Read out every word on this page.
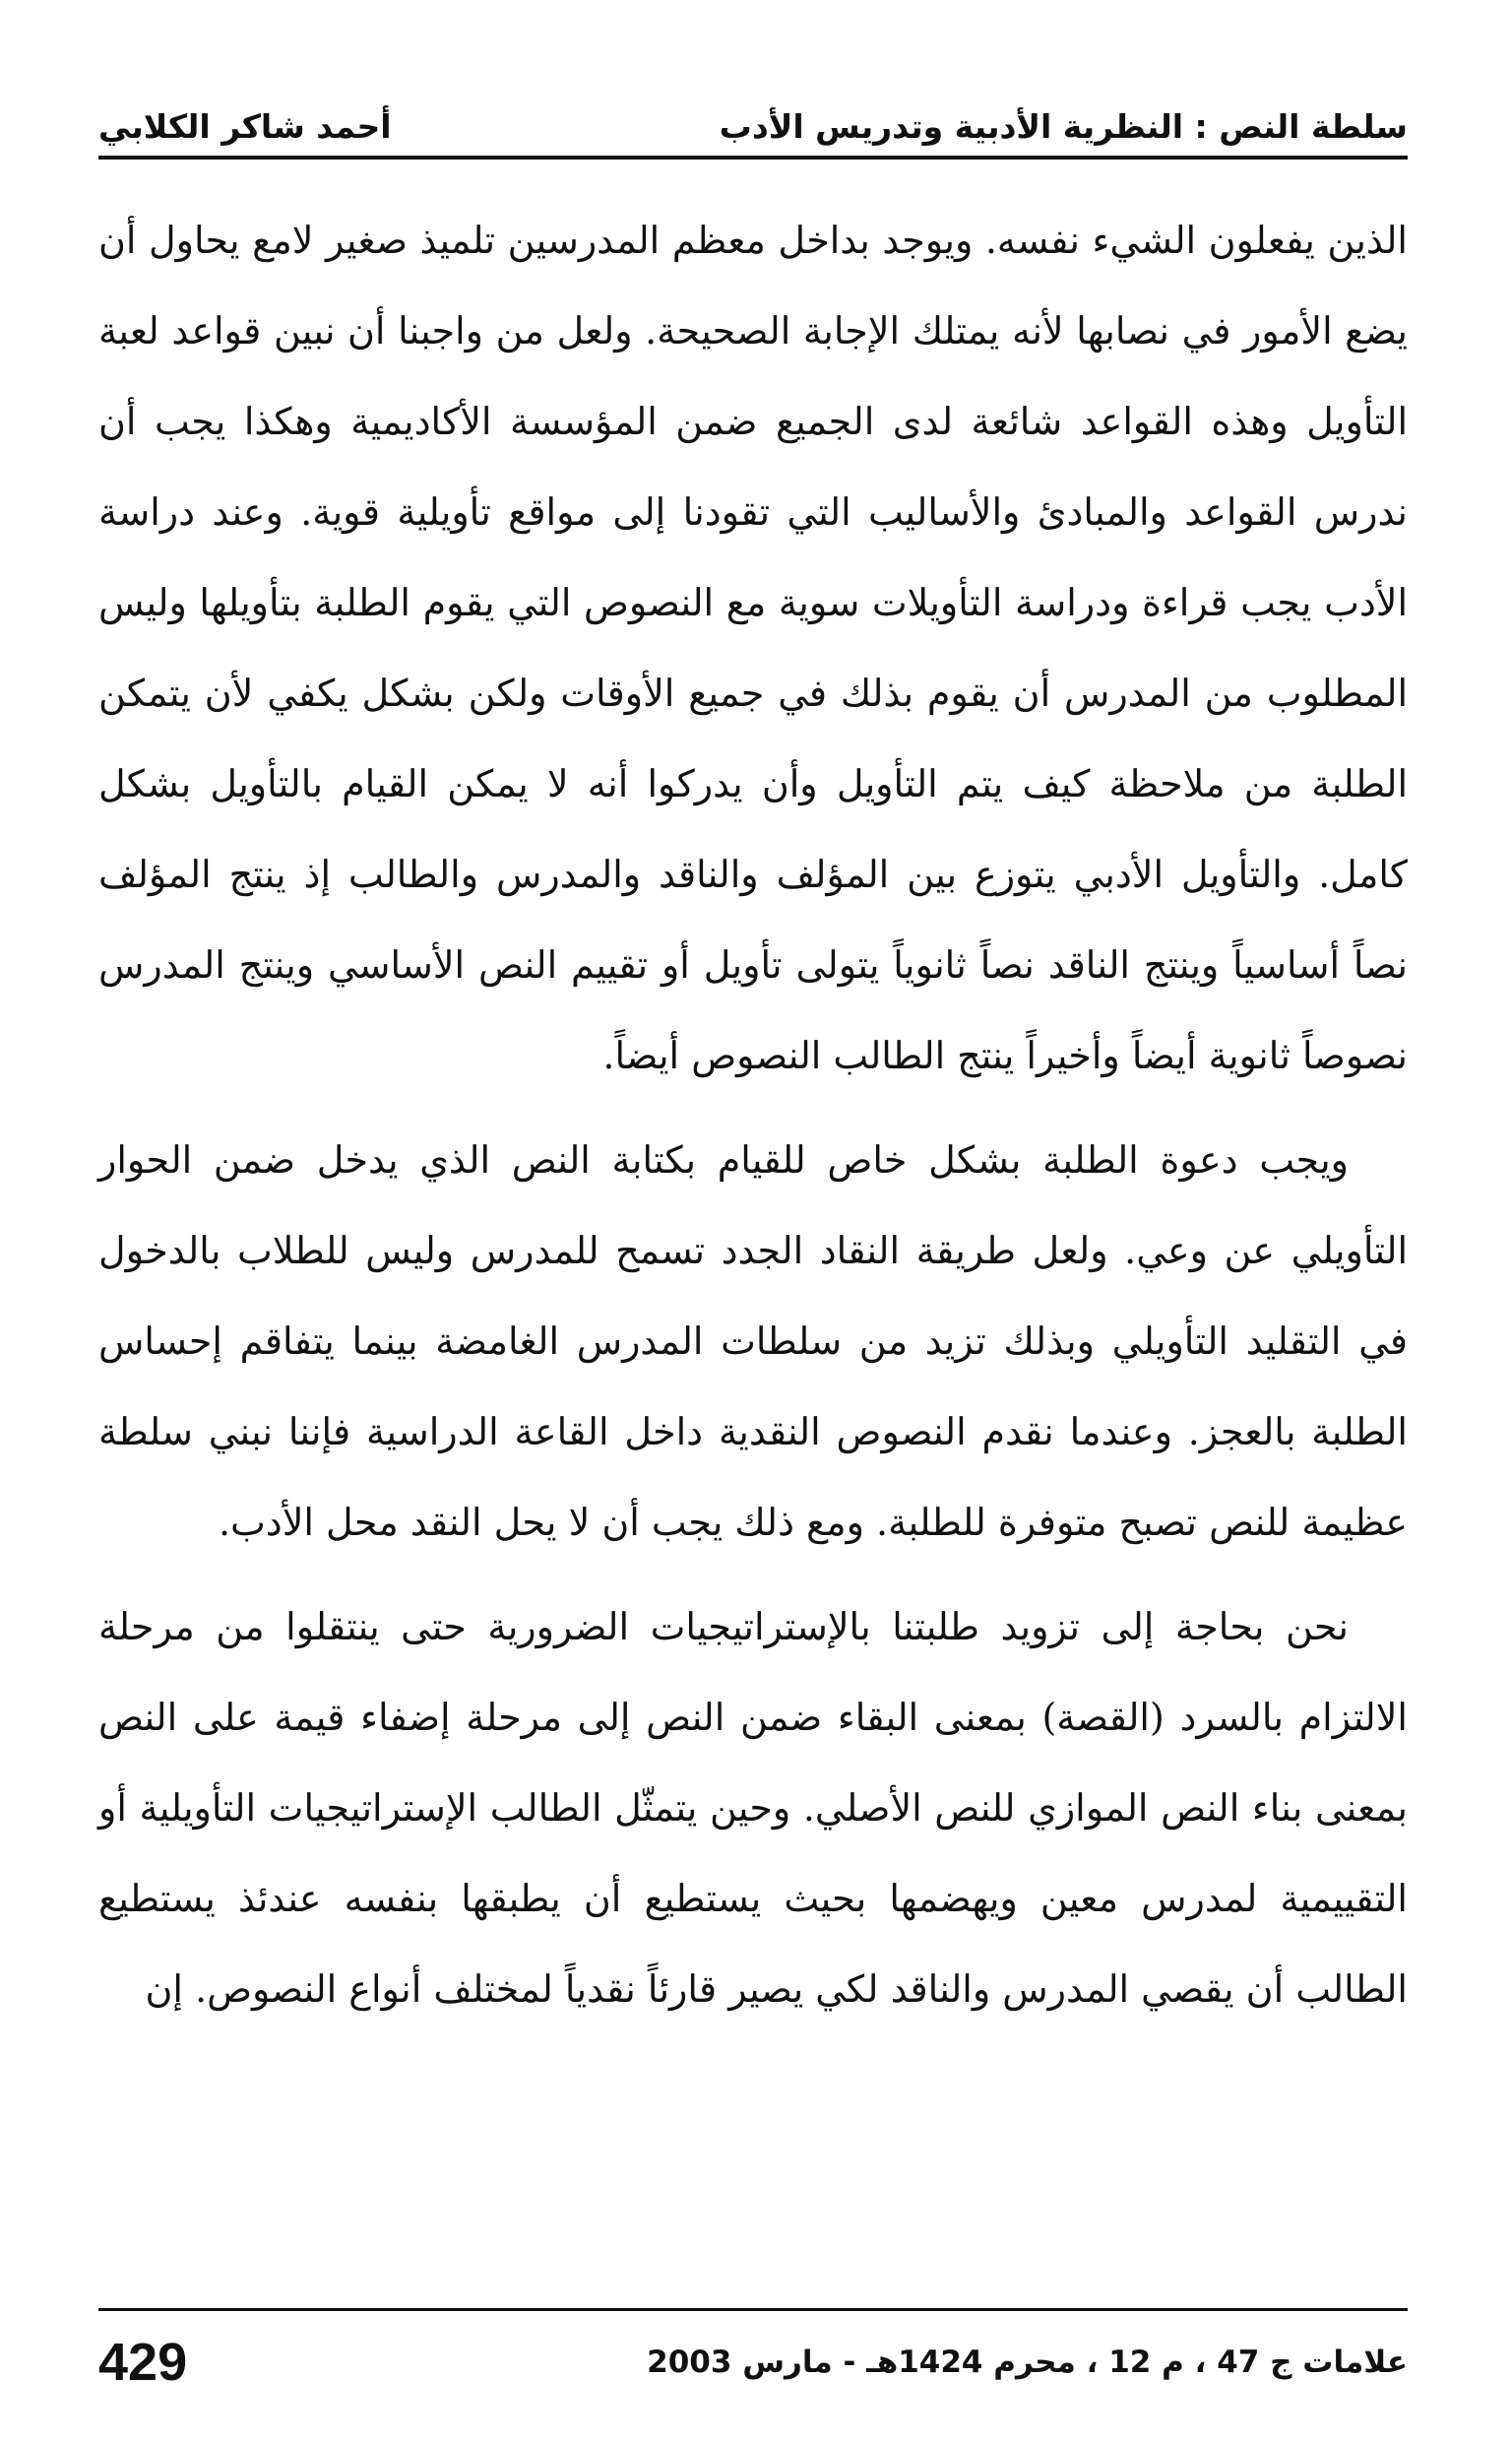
سلطة النص : النظرية الأدبية وتدريس الأدب
أحمد شاكر الكلابي

الذين يفعلون الشيء نفسه. ويوجد بداخل معظم المدرسين تلميذ صغير لامع يحاول أن يضع الأمور في نصابها لأنه يمتلك الإجابة الصحيحة. ولعل من واجبنا أن نبين قواعد لعبة التأويل وهذه القواعد شائعة لدى الجميع ضمن المؤسسة الأكاديمية وهكذا يجب أن ندرس القواعد والمبادئ والأساليب التي تقودنا إلى مواقع تأويلية قوية. وعند دراسة الأدب يجب قراءة ودراسة التأويلات سوية مع النصوص التي يقوم الطلبة بتأويلها وليس المطلوب من المدرس أن يقوم بذلك في جميع الأوقات ولكن بشكل يكفي لأن يتمكن الطلبة من ملاحظة كيف يتم التأويل وأن يدركوا أنه لا يمكن القيام بالتأويل بشكل كامل. والتأويل الأدبي يتوزع بين المؤلف والناقد والمدرس والطالب إذ ينتج المؤلف نصاً أساسياً وينتج الناقد نصاً ثانوياً يتولى تأويل أو تقييم النص الأساسي وينتج المدرس نصوصاً ثانوية أيضاً وأخيراً ينتج الطالب النصوص أيضاً.

ويجب دعوة الطلبة بشكل خاص للقيام بكتابة النص الذي يدخل ضمن الحوار التأويلي عن وعي. ولعل طريقة النقاد الجدد تسمح للمدرس وليس للطلاب بالدخول في التقليد التأويلي وبذلك تزيد من سلطات المدرس الغامضة بينما يتفاقم إحساس الطلبة بالعجز. وعندما نقدم النصوص النقدية داخل القاعة الدراسية فإننا نبني سلطة عظيمة للنص تصبح متوفرة للطلبة. ومع ذلك يجب أن لا يحل النقد محل الأدب.

نحن بحاجة إلى تزويد طلبتنا بالإستراتيجيات الضرورية حتى ينتقلوا من مرحلة الالتزام بالسرد (القصة) بمعنى البقاء ضمن النص إلى مرحلة إضفاء قيمة على النص بمعنى بناء النص الموازي للنص الأصلي. وحين يتمثّل الطالب الإستراتيجيات التأويلية أو التقييمية لمدرس معين ويهضمها بحيث يستطيع أن يطبقها بنفسه عندئذ يستطيع الطالب أن يقصي المدرس والناقد لكي يصير قارئاً نقدياً لمختلف أنواع النصوص. إن

علامات ج 47 ، م 12 ، محرم 1424هـ - مارس 2003
429
